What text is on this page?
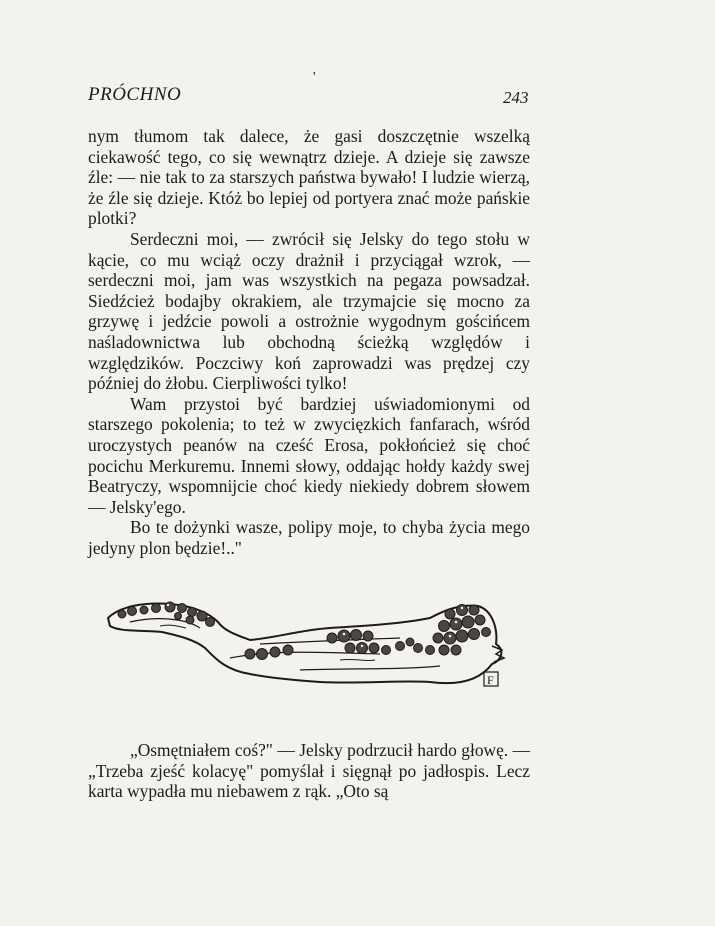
'
PRÓCHNO	243

nym tłumom tak dalece, że gasi doszczętnie wszelką ciekawość tego, co się wewnątrz dzieje. A dzieje się zawsze źle: — nie tak to za starszych państwa bywało! I ludzie wierzą, że źle się dzieje. Któż bo lepiej od portyera znać może pańskie plotki?

Serdeczni moi, — zwrócił się Jelsky do tego stołu w kącie, co mu wciąż oczy drażnił i przyciągał wzrok, — serdeczni moi, jam was wszystkich na pegaza powsadzał. Siedźcież bodajby okrakiem, ale trzymajcie się mocno za grzywę i jedźcie powoli a ostrożnie wygodnym gościńcem naśladownictwa lub obchodną ścieżką względów i względzików. Poczciwy koń zaprowadzi was prędzej czy później do żłobu. Cierpliwości tylko!

Wam przystoi być bardziej uświadomionymi od starszego pokolenia; to też w zwycięzkich fanfarach, wśród uroczystych peanów na cześć Erosa, pokłońcież się choć pocichu Merkuremu. Innemi słowy, oddając hołdy każdy swej Beatryczy, wspomnijcie choć kiedy niekiedy dobrem słowem — Jelsky'ego.

Bo te dożynki wasze, polipy moje, to chyba życia mego jedyny plon będzie!.."

F

„Osmętniałem coś?" — Jelsky podrzucił hardo głowę. — „Trzeba zjeść kolacyę" pomyślał i sięgnął po jadłospis. Lecz karta wypadła mu niebawem z rąk. „Oto są
